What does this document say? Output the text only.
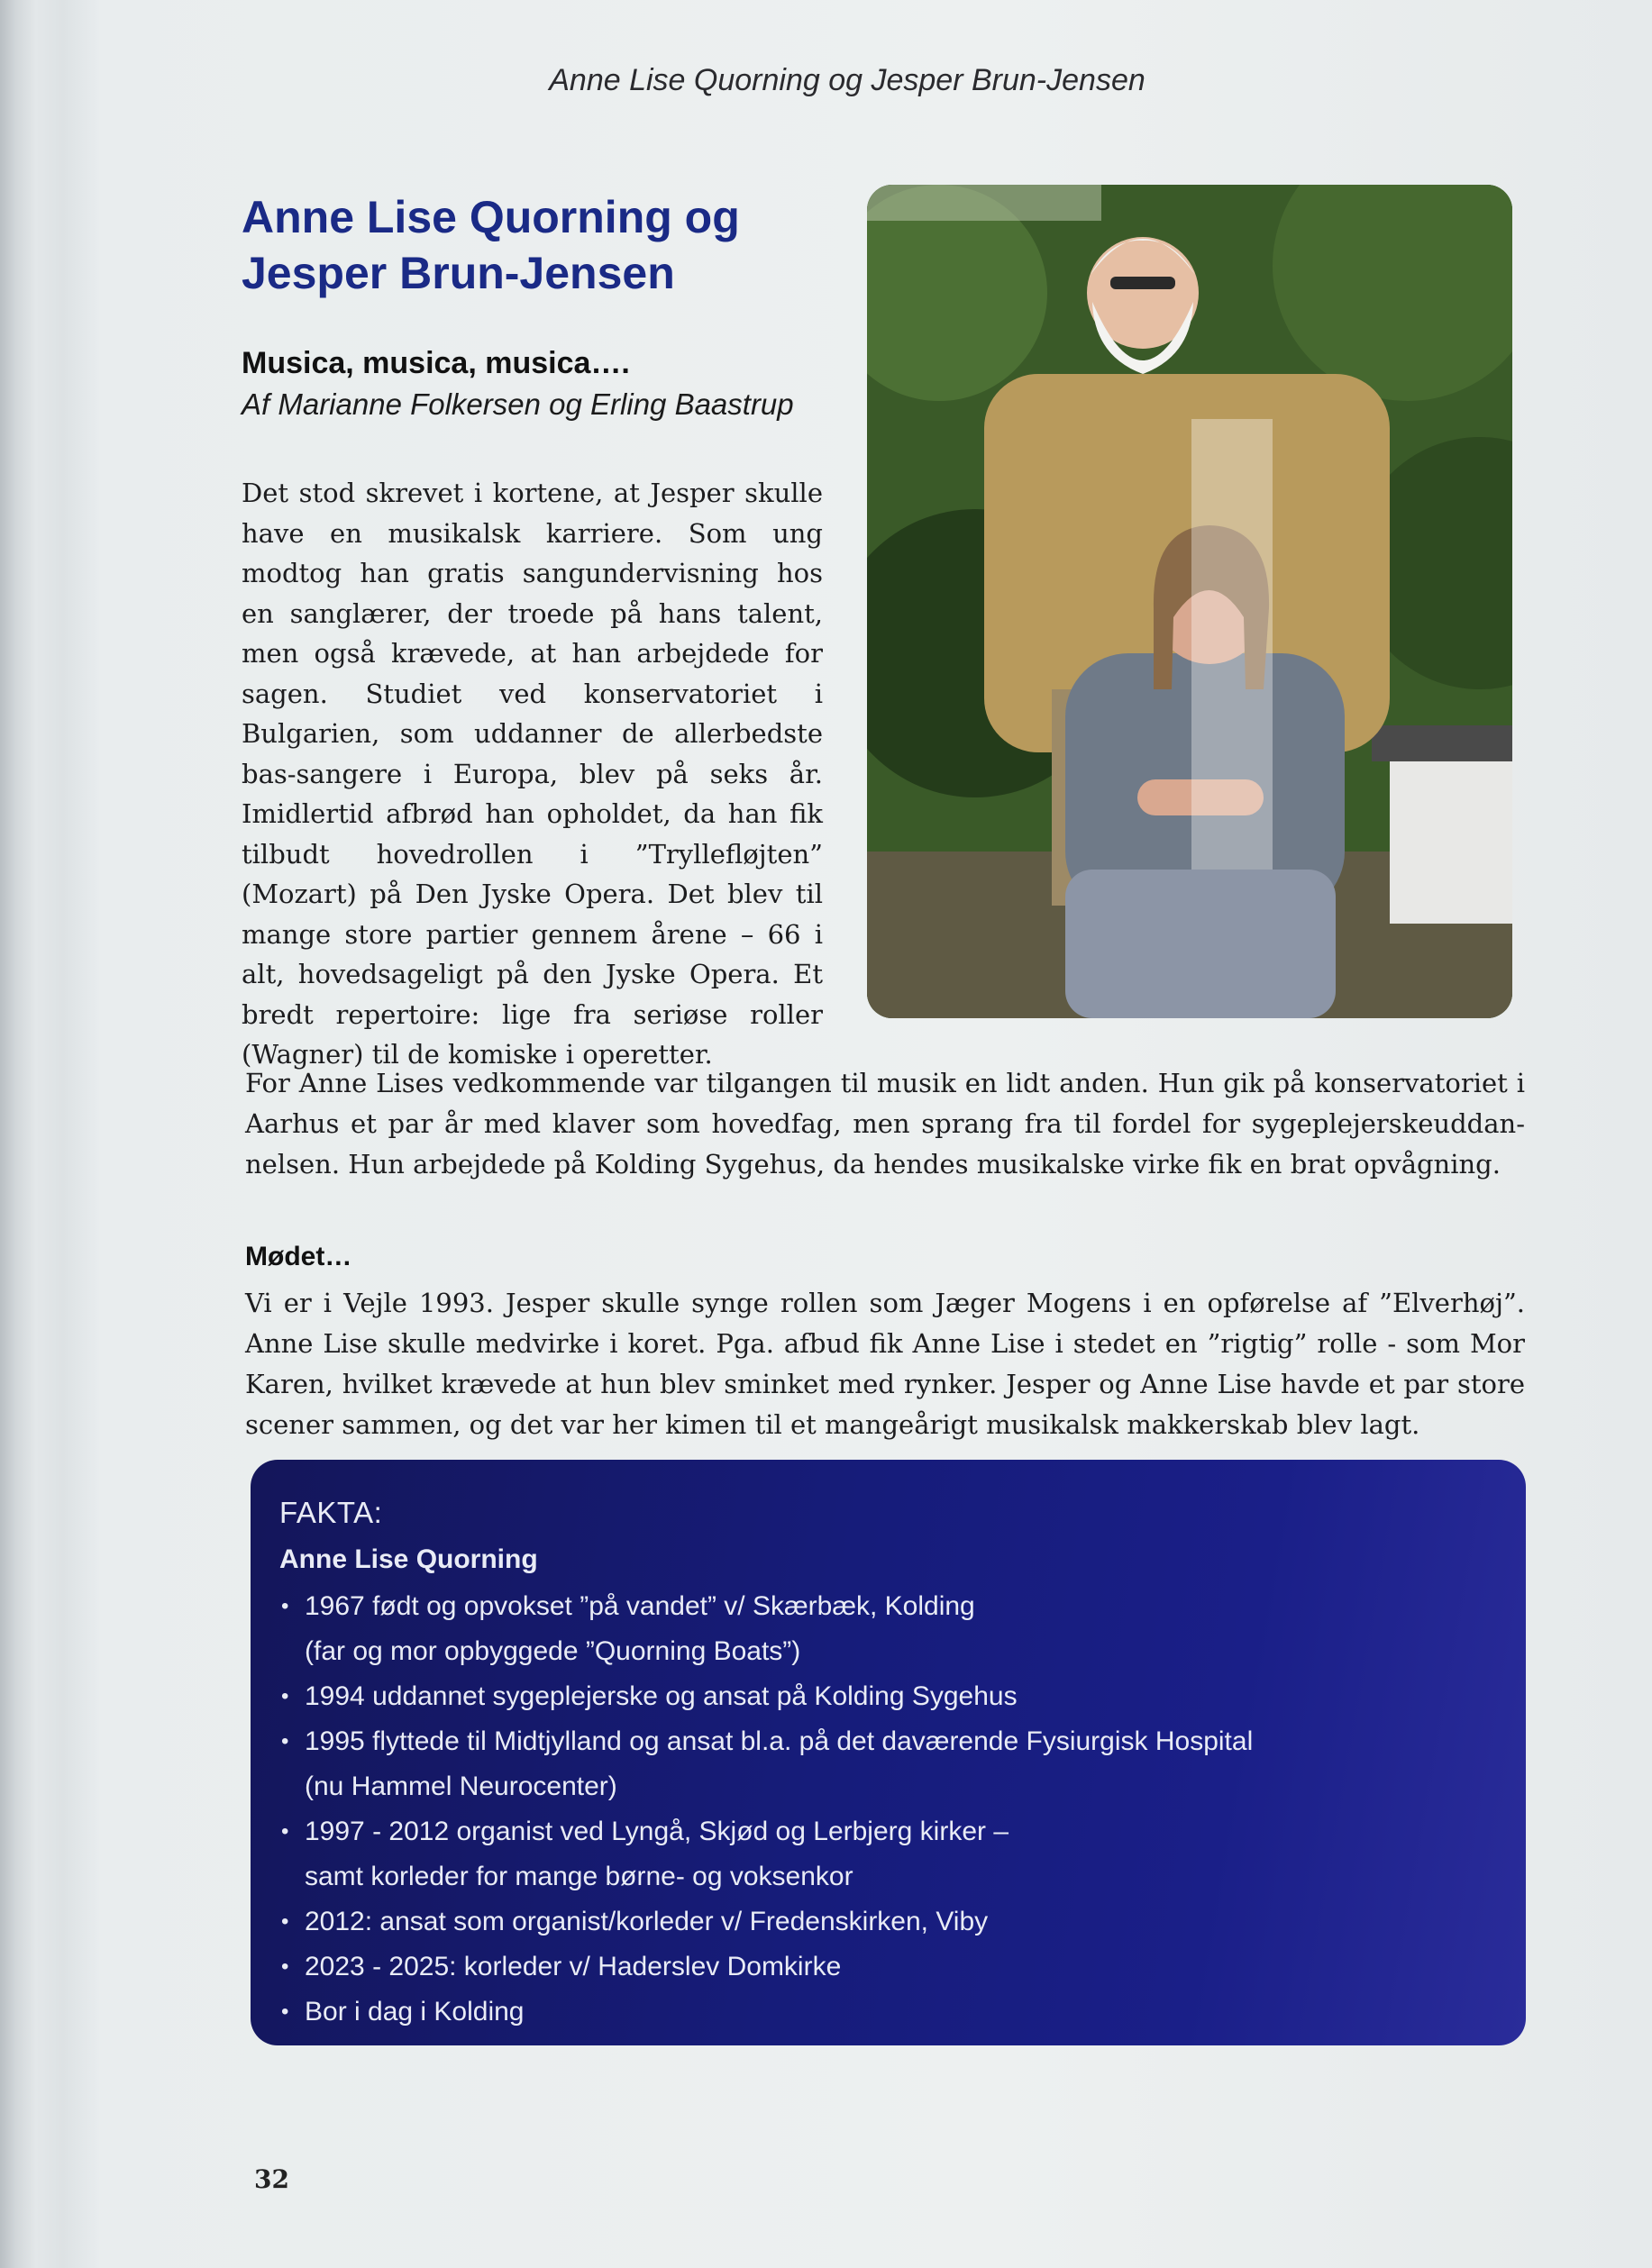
Anne Lise Quorning og Jesper Brun-Jensen
Anne Lise Quorning og
Jesper Brun-Jensen
Musica, musica, musica….
Af Marianne Folkersen og Erling Baastrup

Det stod skrevet i kortene, at Jesper skulle have en musikalsk karriere. Som ung modtog han gratis sangundervisning hos en sanglærer, der troede på hans talent, men også krævede, at han arbejdede for sagen. Studiet ved konservatoriet i Bulgarien, som uddanner de allerbedste bas-sangere i Europa, blev på seks år. Imidlertid afbrød han opholdet, da han fik tilbudt hovedrollen i ”Tryllefløjten” (Mozart) på Den Jyske Opera. Det blev til mange store partier gennem årene – 66 i alt, hovedsageligt på den Jyske Opera. Et bredt repertoire: lige fra seriøse roller (Wagner) til de komiske i operetter.

For Anne Lises vedkommende var tilgangen til musik en lidt anden. Hun gik på konservatoriet i Aarhus et par år med klaver som hovedfag, men sprang fra til fordel for sygeplejerskeuddannelsen. Hun arbejdede på Kolding Sygehus, da hendes musikalske virke fik en brat opvågning.

Mødet…

Vi er i Vejle 1993. Jesper skulle synge rollen som Jæger Mogens i en opførelse af ”Elverhøj”. Anne Lise skulle medvirke i koret. Pga. afbud fik Anne Lise i stedet en ”rigtig” rolle - som Mor Karen, hvilket krævede at hun blev sminket med rynker. Jesper og Anne Lise havde et par store scener sammen, og det var her kimen til et mangeårigt musikalsk makkerskab blev lagt.

FAKTA:
Anne Lise Quorning
• 1967 født og opvokset ”på vandet” v/ Skærbæk, Kolding
(far og mor opbyggede ”Quorning Boats”)
• 1994 uddannet sygeplejerske og ansat på Kolding Sygehus
• 1995 flyttede til Midtjylland og ansat bl.a. på det daværende Fysiurgisk Hospital
(nu Hammel Neurocenter)
• 1997 - 2012 organist ved Lyngå, Skjød og Lerbjerg kirker –
samt korleder for mange børne- og voksenkor
• 2012: ansat som organist/korleder v/ Fredenskirken, Viby
• 2023 - 2025: korleder v/ Haderslev Domkirke
• Bor i dag i Kolding
32
